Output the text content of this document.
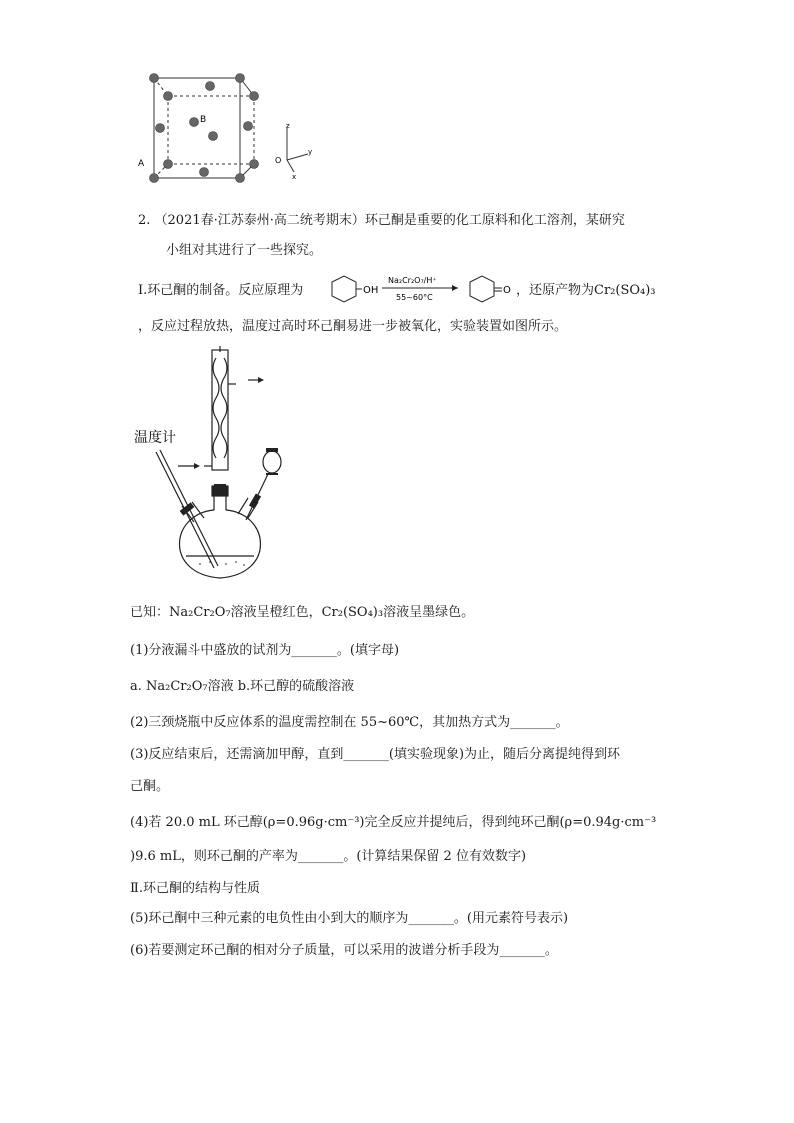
B
A
z
y
x
O
2. （2021春·江苏泰州·高二统考期末）环己酮是重要的化工原料和化工溶剂，某研究
小组对其进行了一些探究。
Ⅰ.环己酮的制备。反应原理为	OH
Na₂Cr₂O₇/H⁺
55~60°C
O ，还原产物为Cr₂(SO₄)₃
，反应过程放热，温度过高时环己酮易进一步被氧化，实验装置如图所示。
温度计
已知：Na₂Cr₂O₇溶液呈橙红色，Cr₂(SO₄)₃溶液呈墨绿色。
(1)分液漏斗中盛放的试剂为_______。(填字母)
a. Na₂Cr₂O₇溶液 b.环己醇的硫酸溶液
(2)三颈烧瓶中反应体系的温度需控制在 55~60℃，其加热方式为_______。
(3)反应结束后，还需滴加甲醇，直到_______(填实验现象)为止，随后分离提纯得到环
己酮。
(4)若 20.0 mL 环己醇(ρ=0.96g·cm⁻³)完全反应并提纯后，得到纯环己酮(ρ=0.94g·cm⁻³
)9.6 mL，则环己酮的产率为_______。(计算结果保留 2 位有效数字)
Ⅱ.环己酮的结构与性质
(5)环己酮中三种元素的电负性由小到大的顺序为_______。(用元素符号表示)
(6)若要测定环己酮的相对分子质量，可以采用的波谱分析手段为_______。
